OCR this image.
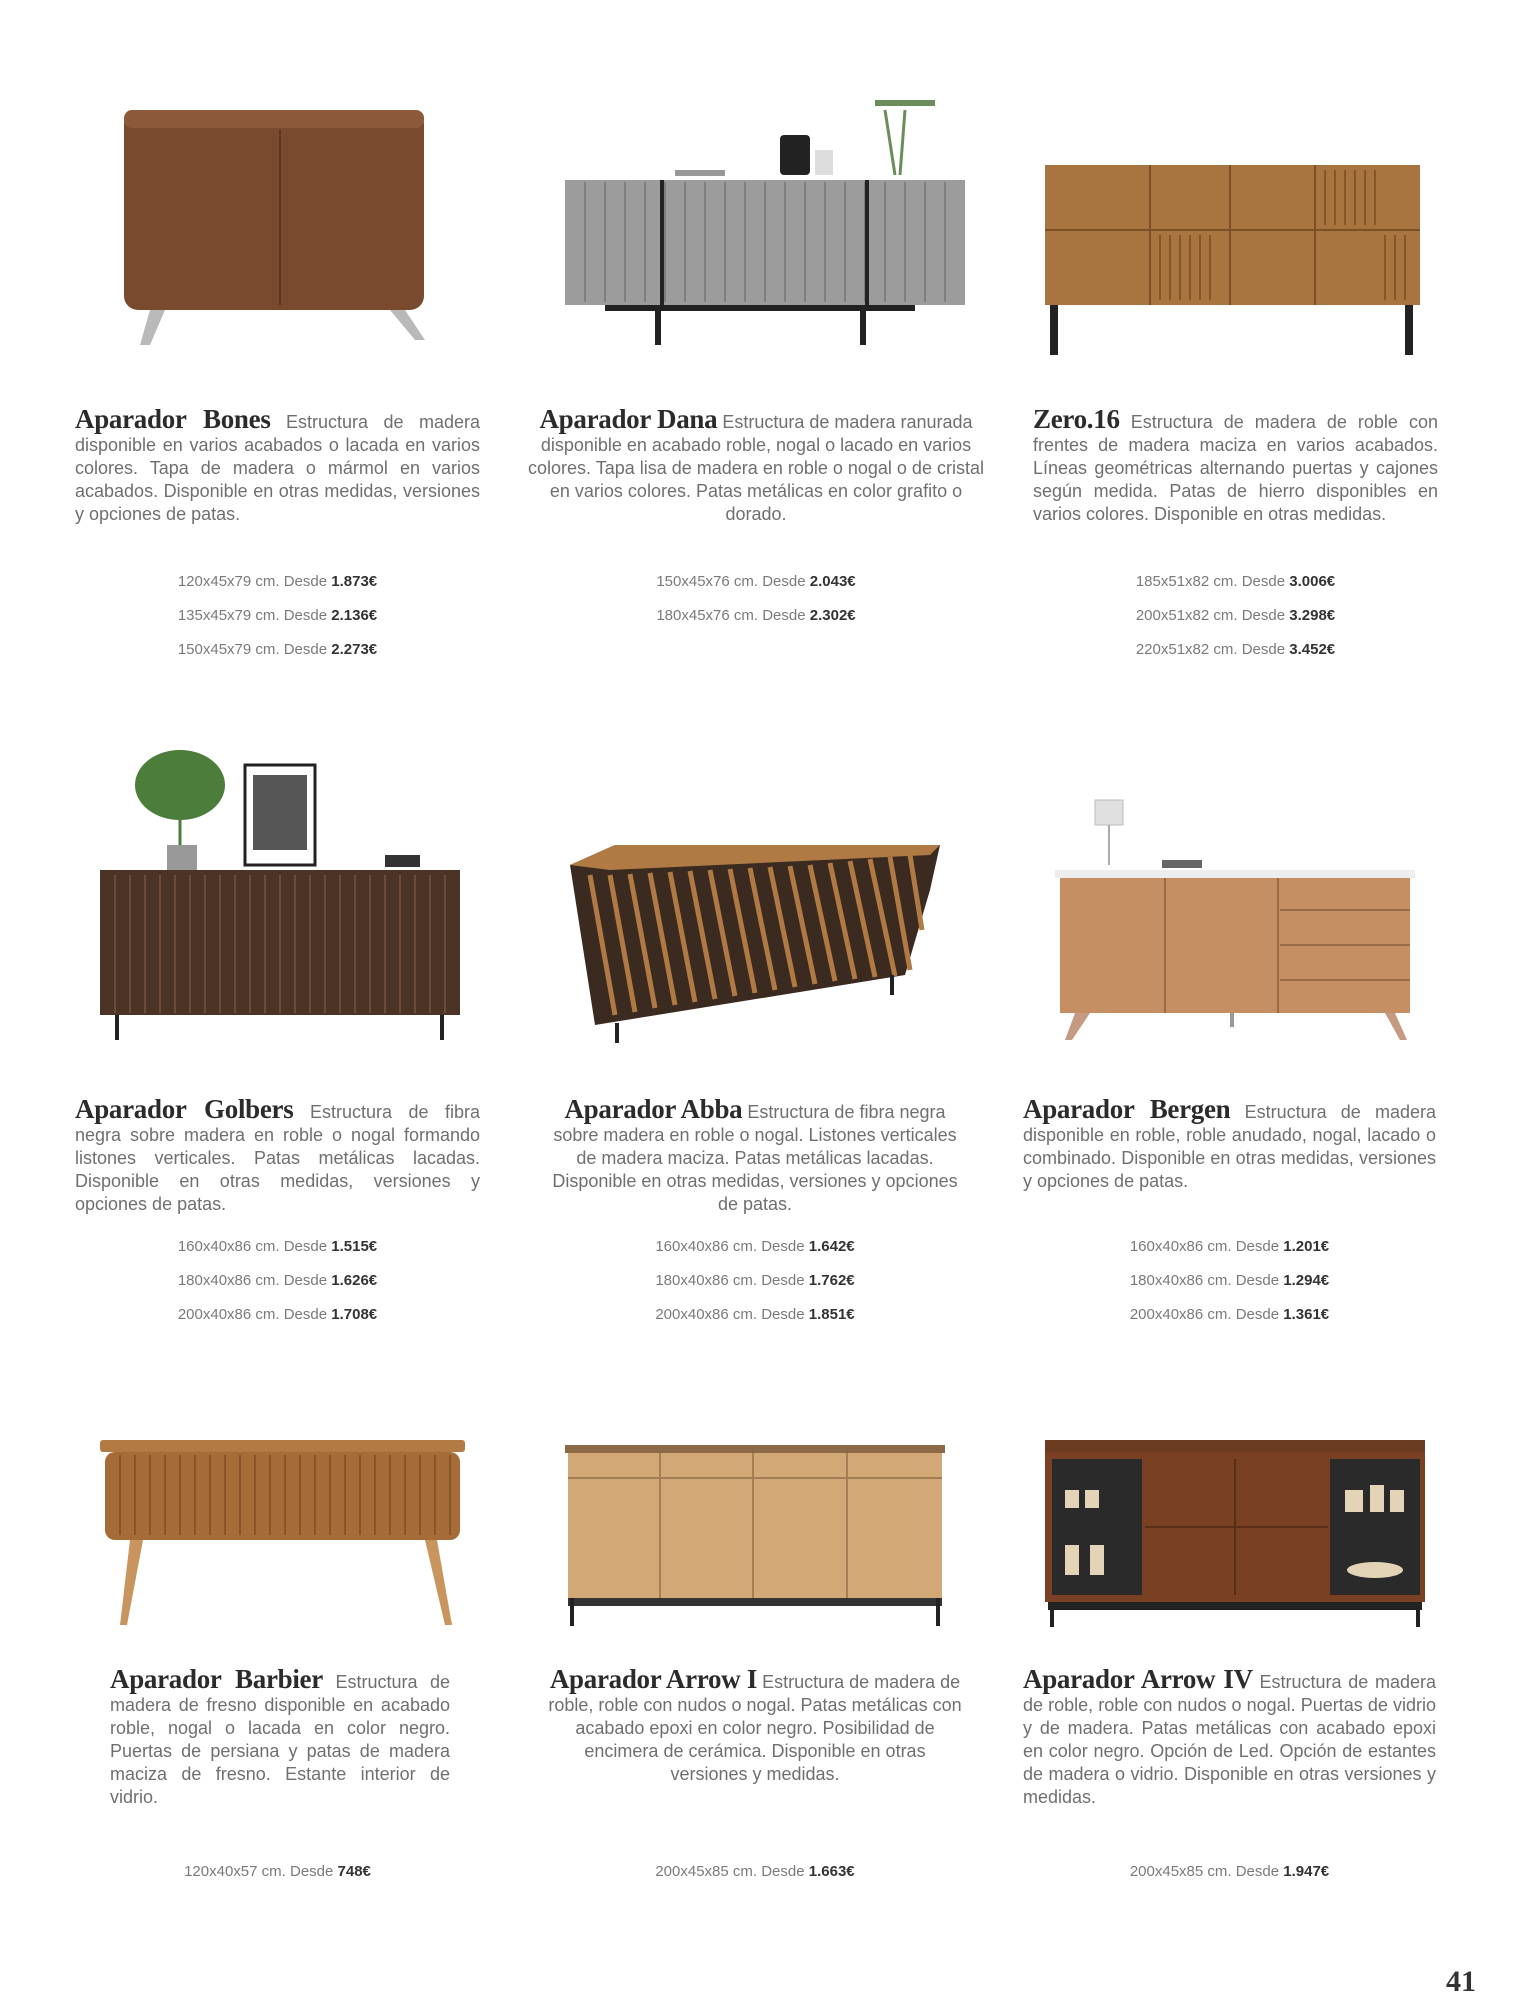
Aparador Bones Estructura de madera disponible en varios acabados o lacada en varios colores. Tapa de madera o mármol en varios acabados. Disponible en otras medidas, versiones y opciones de patas.
120x45x79 cm. Desde 1.873€
135x45x79 cm. Desde 2.136€
150x45x79 cm. Desde 2.273€
Aparador Dana Estructura de madera ranurada disponible en acabado roble, nogal o lacado en varios colores. Tapa lisa de madera en roble o nogal o de cristal en varios colores. Patas metálicas en color grafito o dorado.
150x45x76 cm. Desde 2.043€
180x45x76 cm. Desde 2.302€
Zero.16 Estructura de madera de roble con frentes de madera maciza en varios acabados. Líneas geométricas alternando puertas y cajones según medida. Patas de hierro disponibles en varios colores. Disponible en otras medidas.
185x51x82 cm. Desde 3.006€
200x51x82 cm. Desde 3.298€
220x51x82 cm. Desde 3.452€
Aparador Golbers Estructura de fibra negra sobre madera en roble o nogal formando listones verticales. Patas metálicas lacadas. Disponible en otras medidas, versiones y opciones de patas.
160x40x86 cm. Desde 1.515€
180x40x86 cm. Desde 1.626€
200x40x86 cm. Desde 1.708€
Aparador Abba Estructura de fibra negra sobre madera en roble o nogal. Listones verticales de madera maciza. Patas metálicas lacadas. Disponible en otras medidas, versiones y opciones de patas.
160x40x86 cm. Desde 1.642€
180x40x86 cm. Desde 1.762€
200x40x86 cm. Desde 1.851€
Aparador Bergen Estructura de madera disponible en roble, roble anudado, nogal, lacado o combinado. Disponible en otras medidas, versiones y opciones de patas.
160x40x86 cm. Desde 1.201€
180x40x86 cm. Desde 1.294€
200x40x86 cm. Desde 1.361€
Aparador Barbier Estructura de madera de fresno disponible en acabado roble, nogal o lacada en color negro. Puertas de persiana y patas de madera maciza de fresno. Estante interior de vidrio.
120x40x57 cm. Desde 748€
Aparador Arrow I Estructura de madera de roble, roble con nudos o nogal. Patas metálicas con acabado epoxi en color negro. Posibilidad de encimera de cerámica. Disponible en otras versiones y medidas.
200x45x85 cm. Desde 1.663€
Aparador Arrow IV Estructura de madera de roble, roble con nudos o nogal. Puertas de vidrio y de madera. Patas metálicas con acabado epoxi en color negro. Opción de Led. Opción de estantes de madera o vidrio. Disponible en otras versiones y medidas.
200x45x85 cm. Desde 1.947€
41
